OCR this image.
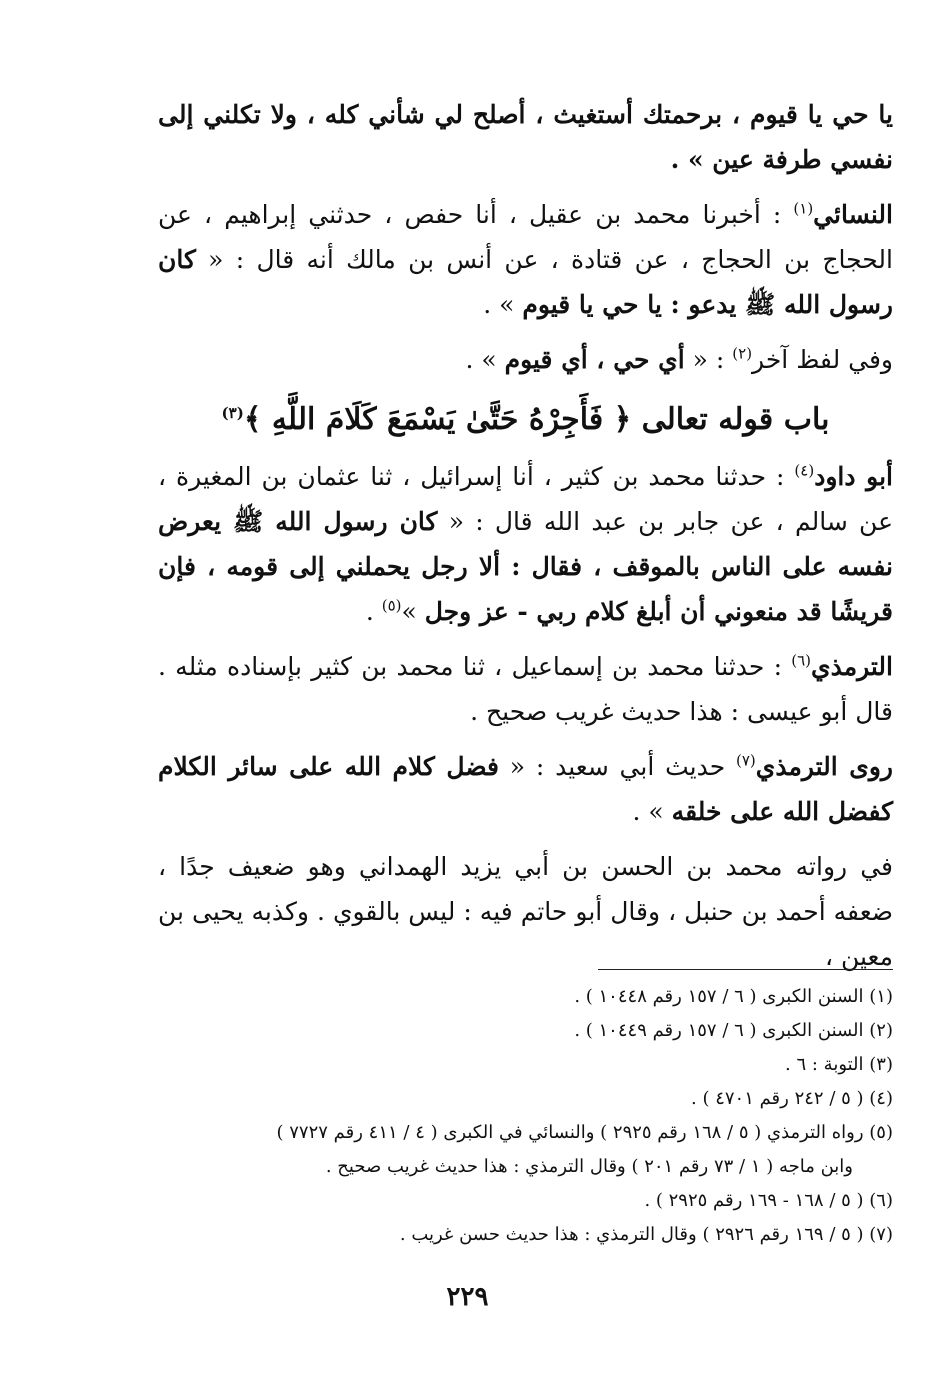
يا حي يا قيوم ، برحمتك أستغيث ، أصلح لي شأني كله ، ولا تكلني إلى نفسي طرفة عين » .

النسائي$^{(١)}$ : أخبرنا محمد بن عقيل ، أنا حفص ، حدثني إبراهيم ، عن الحجاج بن الحجاج ، عن قتادة ، عن أنس بن مالك أنه قال : « كان رسول الله ﷺ يدعو : يا حي يا قيوم » .

وفي لفظ آخر$^{(٢)}$ : « أي حي ، أي قيوم » .

باب قوله تعالى ﴿ فَأَجِرْهُ حَتَّىٰ يَسْمَعَ كَلَامَ اللَّهِ ﴾$^{(٣)}$

أبو داود$^{(٤)}$ : حدثنا محمد بن كثير ، أنا إسرائيل ، ثنا عثمان بن المغيرة ، عن سالم ، عن جابر بن عبد الله قال : « كان رسول الله ﷺ يعرض نفسه على الناس بالموقف ، فقال : ألا رجل يحملني إلى قومه ، فإن قريشًا قد منعوني أن أبلغ كلام ربي - عز وجل »$^{(٥)}$ .

الترمذي$^{(٦)}$ : حدثنا محمد بن إسماعيل ، ثنا محمد بن كثير بإسناده مثله . قال أبو عيسى : هذا حديث غريب صحيح .

روى الترمذي$^{(٧)}$ حديث أبي سعيد : « فضل كلام الله على سائر الكلام كفضل الله على خلقه » .

في رواته محمد بن الحسن بن أبي يزيد الهمداني وهو ضعيف جدًا ، ضعفه أحمد بن حنبل ، وقال أبو حاتم فيه : ليس بالقوي . وكذبه يحيى بن معين ،

(١) السنن الكبرى ( ٦ / ١٥٧ رقم ١٠٤٤٨ ) .

(٢) السنن الكبرى ( ٦ / ١٥٧ رقم ١٠٤٤٩ ) .

(٣) التوبة : ٦ .

(٤) ( ٥ / ٢٤٢ رقم ٤٧٠١ ) .

(٥) رواه الترمذي ( ٥ / ١٦٨ رقم ٢٩٢٥ ) والنسائي في الكبرى ( ٤ / ٤١١ رقم ٧٧٢٧ )

وابن ماجه ( ١ / ٧٣ رقم ٢٠١ ) وقال الترمذي : هذا حديث غريب صحيح .

(٦) ( ٥ / ١٦٨ - ١٦٩ رقم ٢٩٢٥ ) .

(٧) ( ٥ / ١٦٩ رقم ٢٩٢٦ ) وقال الترمذي : هذا حديث حسن غريب .

٢٢٩
